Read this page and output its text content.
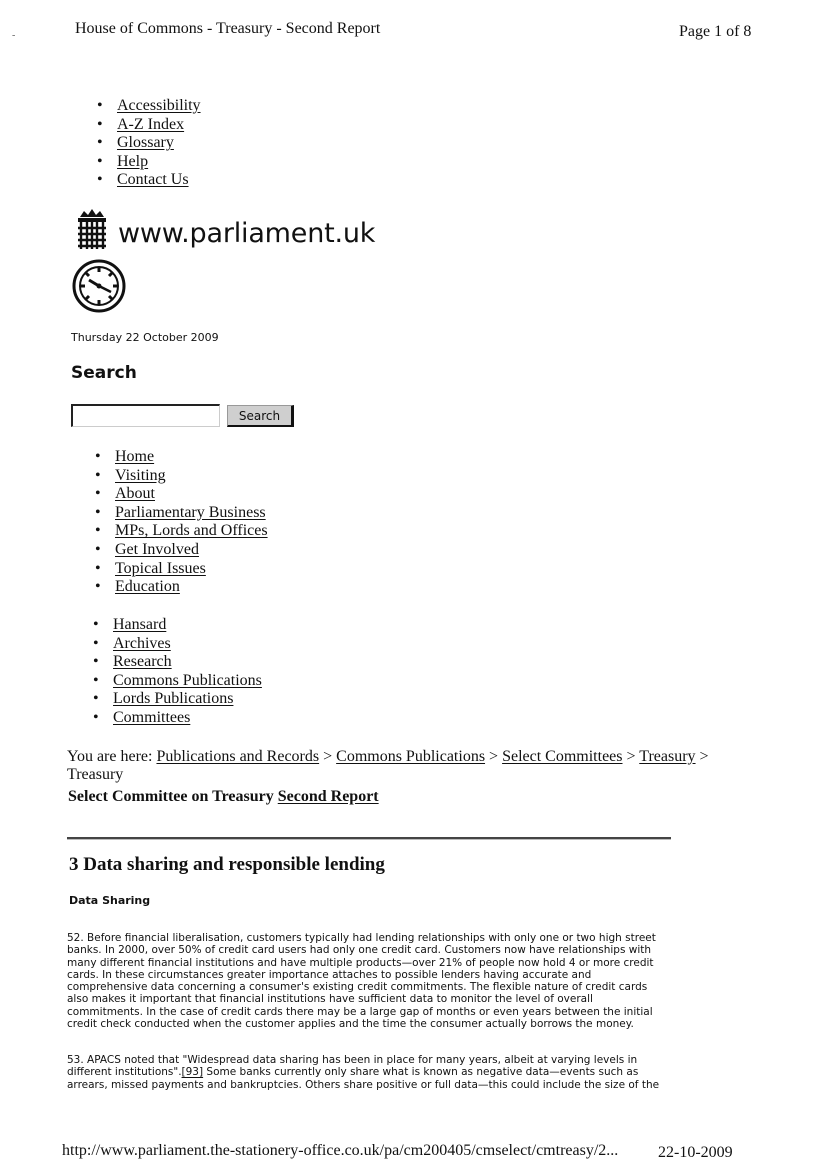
House of Commons - Treasury - Second Report	Page 1 of 8
-
• Accessibility
• A-Z Index
• Glossary
• Help
• Contact Us
www.parliament.uk
Thursday 22 October 2009
Search
Search
• Home
• Visiting
• About
• Parliamentary Business
• MPs, Lords and Offices
• Get Involved
• Topical Issues
• Education
• Hansard
• Archives
• Research
• Commons Publications
• Lords Publications
• Committees
You are here: Publications and Records > Commons Publications > Select Committees > Treasury >
Treasury
Select Committee on Treasury Second Report
3 Data sharing and responsible lending
Data Sharing
52. Before financial liberalisation, customers typically had lending relationships with only one or two high street
banks. In 2000, over 50% of credit card users had only one credit card. Customers now have relationships with
many different financial institutions and have multiple products—over 21% of people now hold 4 or more credit
cards. In these circumstances greater importance attaches to possible lenders having accurate and
comprehensive data concerning a consumer's existing credit commitments. The flexible nature of credit cards
also makes it important that financial institutions have sufficient data to monitor the level of overall
commitments. In the case of credit cards there may be a large gap of months or even years between the initial
credit check conducted when the customer applies and the time the consumer actually borrows the money.
53. APACS noted that "Widespread data sharing has been in place for many years, albeit at varying levels in
different institutions".[93] Some banks currently only share what is known as negative data—events such as
arrears, missed payments and bankruptcies. Others share positive or full data—this could include the size of the
http://www.parliament.the-stationery-office.co.uk/pa/cm200405/cmselect/cmtreasy/2...	22-10-2009
